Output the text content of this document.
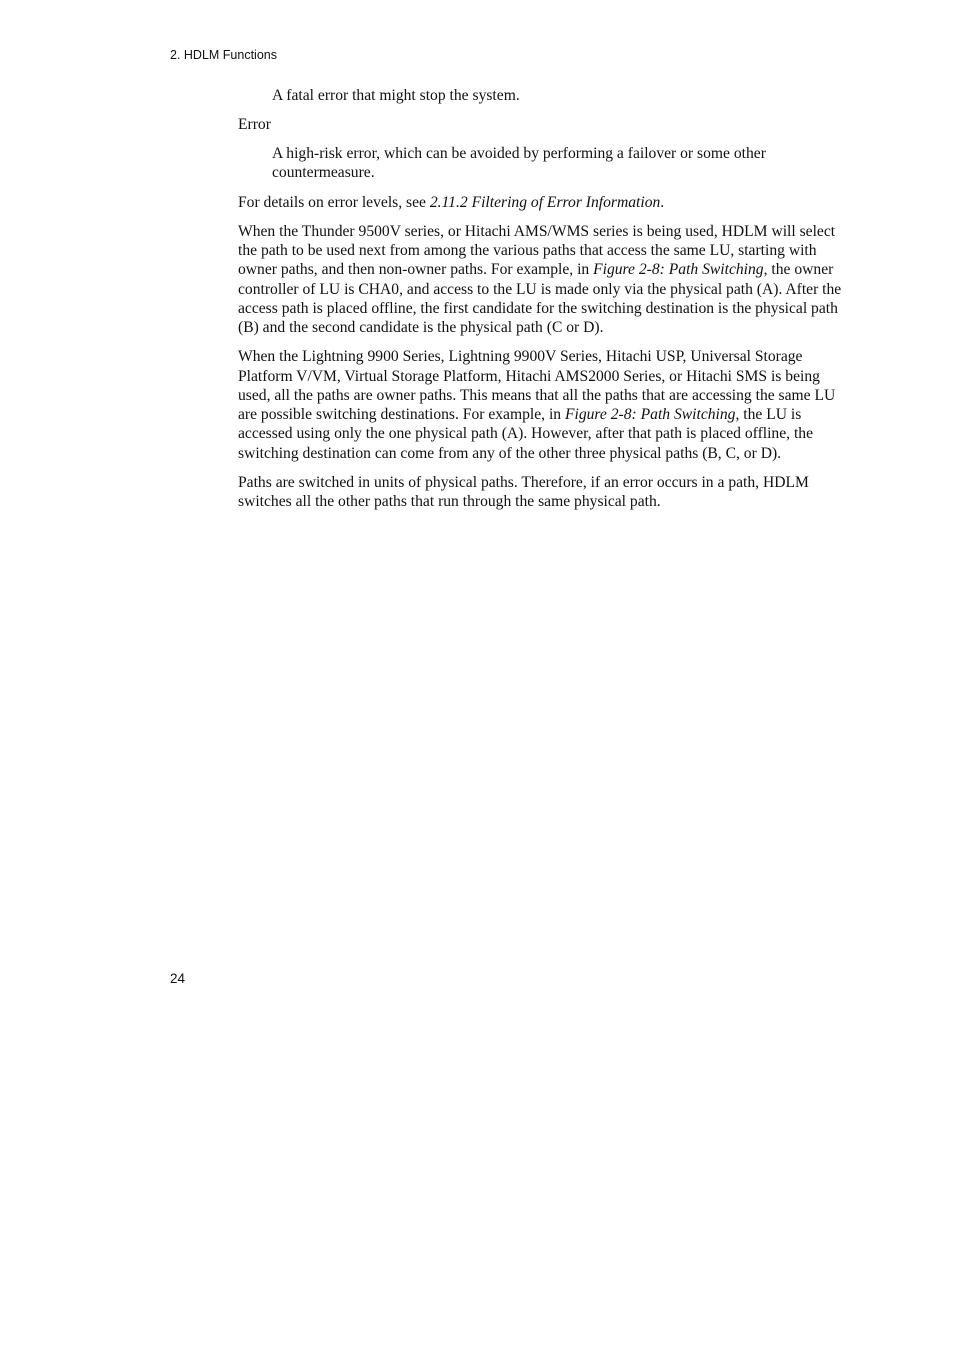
2. HDLM Functions

A fatal error that might stop the system.

Error

A high-risk error, which can be avoided by performing a failover or some other countermeasure.

For details on error levels, see 2.11.2 Filtering of Error Information.

When the Thunder 9500V series, or Hitachi AMS/WMS series is being used, HDLM will select the path to be used next from among the various paths that access the same LU, starting with owner paths, and then non-owner paths. For example, in Figure 2-8: Path Switching, the owner controller of LU is CHA0, and access to the LU is made only via the physical path (A). After the access path is placed offline, the first candidate for the switching destination is the physical path (B) and the second candidate is the physical path (C or D).

When the Lightning 9900 Series, Lightning 9900V Series, Hitachi USP, Universal Storage Platform V/VM, Virtual Storage Platform, Hitachi AMS2000 Series, or Hitachi SMS is being used, all the paths are owner paths. This means that all the paths that are accessing the same LU are possible switching destinations. For example, in Figure 2-8: Path Switching, the LU is accessed using only the one physical path (A). However, after that path is placed offline, the switching destination can come from any of the other three physical paths (B, C, or D).

Paths are switched in units of physical paths. Therefore, if an error occurs in a path, HDLM switches all the other paths that run through the same physical path.

24
